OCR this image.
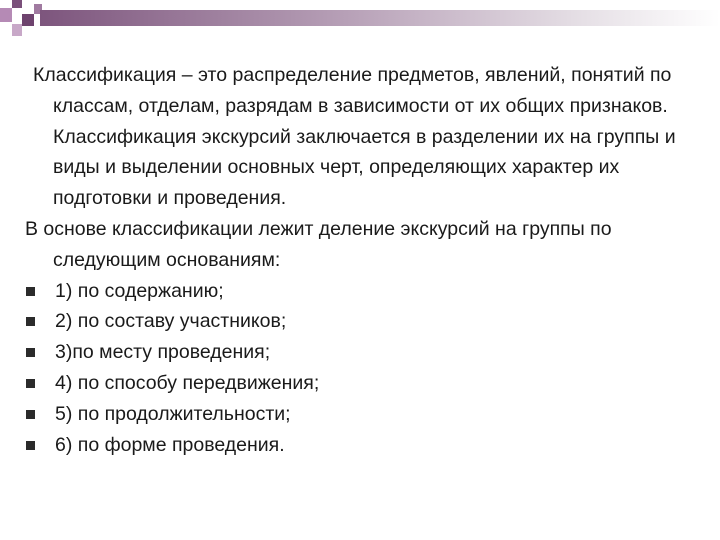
Классификация – это распределение предметов, явлений, понятий по классам, отделам, разрядам в зависимости от их общих признаков. Классификация экскурсий заключается в разделении их на группы и виды и выделении основных черт, определяющих характер их подготовки и проведения.

В основе классификации лежит деление экскурсий на группы по следующим основаниям:

1) по содержанию;
2) по составу участников;
3)по месту проведения;
4) по способу передвижения;
5) по продолжительности;
6) по форме проведения.
